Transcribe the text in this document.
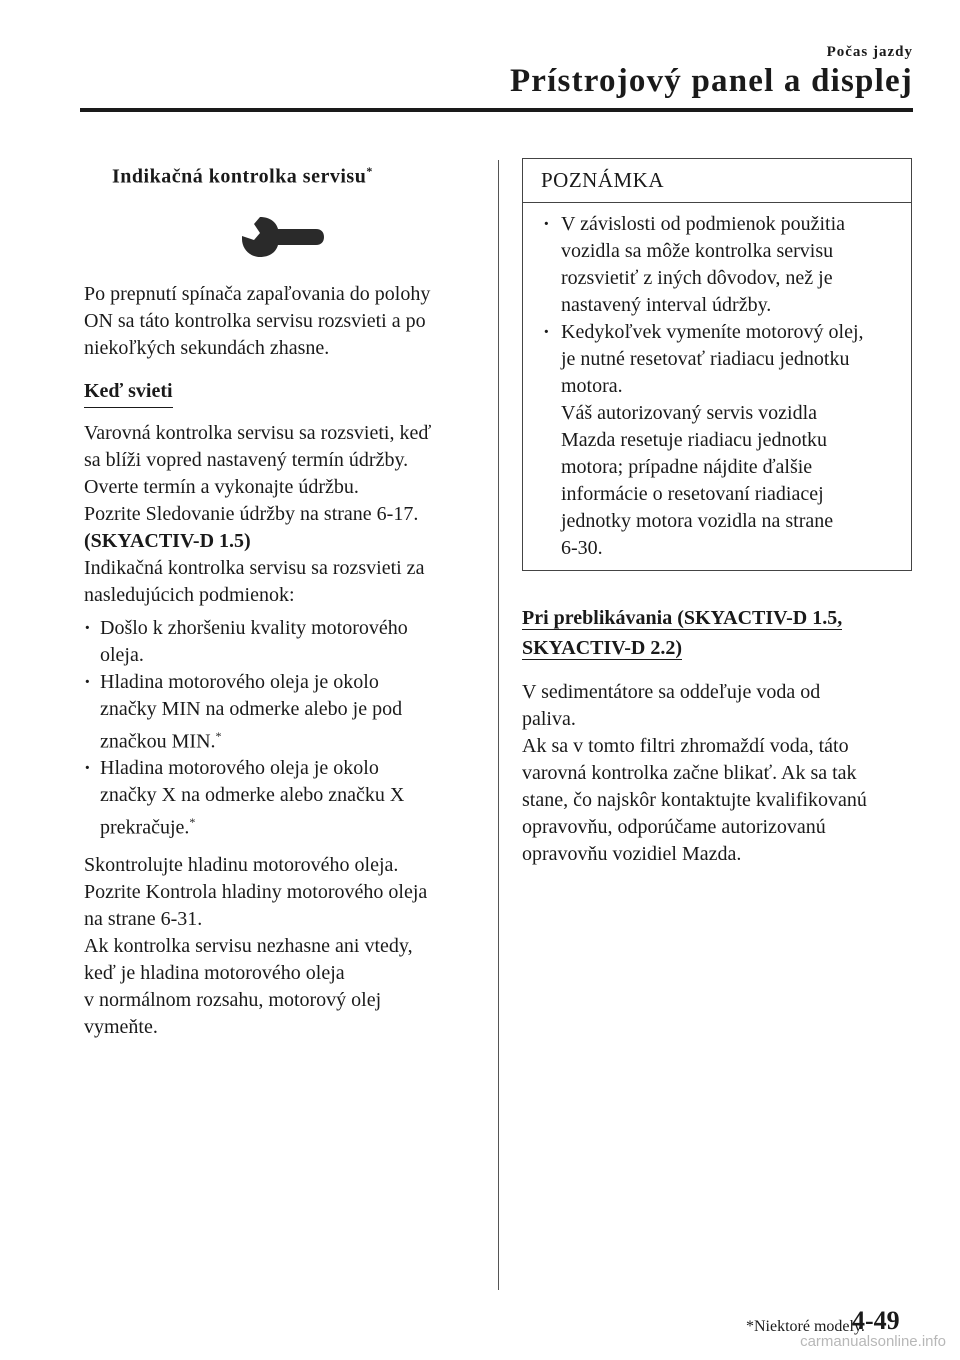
Počas jazdy
Prístrojový panel a displej
Indikačná kontrolka servisu*

Po prepnutí spínača zapaľovania do polohy

ON sa táto kontrolka servisu rozsvieti a po

niekoľkých sekundách zhasne.

Keď svieti

Varovná kontrolka servisu sa rozsvieti, keď

sa blíži vopred nastavený termín údržby.

Overte termín a vykonajte údržbu.

Pozrite Sledovanie údržby na strane 6-17.

(SKYACTIV-D 1.5)

Indikačná kontrolka servisu sa rozsvieti za

nasledujúcich podmienok:

· Došlo k zhoršeniu kvality motorového

oleja.

· Hladina motorového oleja je okolo

značky MIN na odmerke alebo je pod

značkou MIN.*

· Hladina motorového oleja je okolo

značky X na odmerke alebo značku X

prekračuje.*

Skontrolujte hladinu motorového oleja.

Pozrite Kontrola hladiny motorového oleja

na strane 6-31.

Ak kontrolka servisu nezhasne ani vtedy,

keď je hladina motorového oleja

v normálnom rozsahu, motorový olej

vymeňte.

POZNÁMKA

· V závislosti od podmienok použitia

vozidla sa môže kontrolka servisu

rozsvietiť z iných dôvodov, než je

nastavený interval údržby.

· Kedykoľvek vymeníte motorový olej,

je nutné resetovať riadiacu jednotku

motora.

Váš autorizovaný servis vozidla

Mazda resetuje riadiacu jednotku

motora; prípadne nájdite ďalšie

informácie o resetovaní riadiacej

jednotky motora vozidla na strane

6-30.

Pri preblikávania (SKYACTIV-D 1.5,
SKYACTIV-D 2.2)

V sedimentátore sa oddeľuje voda od

paliva.

Ak sa v tomto filtri zhromaždí voda, táto

varovná kontrolka začne blikať. Ak sa tak

stane, čo najskôr kontaktujte kvalifikovanú

opravovňu, odporúčame autorizovanú

opravovňu vozidiel Mazda.

*Niektoré modely.
4-49
carmanualsonline.info
